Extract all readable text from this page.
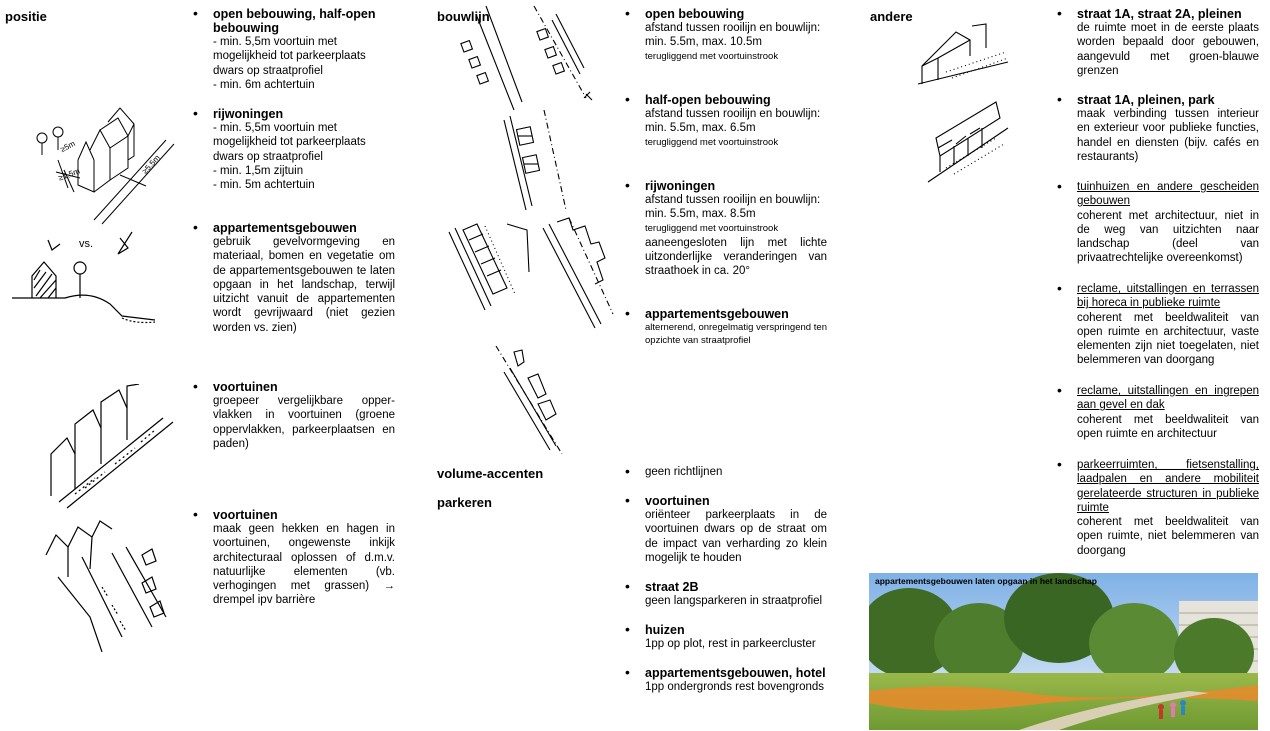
positie	bouwlijn	andere
volume-accenten
parkeren
• open bebouwing, half-open bebouwing
- min. 5,5m voortuin met
mogelijkheid tot parkeerplaats
dwars op straatprofiel
- min. 6m achtertuin
• rijwoningen
- min. 5,5m voortuin met
mogelijkheid tot parkeerplaats
dwars op straatprofiel
- min. 1,5m zijtuin
- min. 5m achtertuin
• appartementsgebouwen
gebruik gevelvormgeving en materiaal, bomen en vegetatie om de appartementsgebouwen te laten opgaan in het landschap, terwijl uitzicht vanuit de appartementen wordt gevrijwaard (niet gezien worden vs. zien)
• voortuinen
groepeer vergelijkbare opper-vlakken in voortuinen (groene oppervlakken, parkeerplaatsen en paden)
• voortuinen
maak geen hekken en hagen in voortuinen, ongewenste inkijk architecturaal oplossen of d.m.v. natuurlijke elementen (vb. verhogingen met grassen) → drempel ipv barrière
• open bebouwing
afstand tussen rooilijn en bouwlijn:
min. 5.5m, max. 10.5m
terugliggend met voortuinstrook
• half-open bebouwing
afstand tussen rooilijn en bouwlijn:
min. 5.5m, max. 6.5m
terugliggend met voortuinstrook
• rijwoningen
afstand tussen rooilijn en bouwlijn:
min. 5.5m, max. 8.5m
terugliggend met voortuinstrook
aaneengesloten lijn met lichte uitzonderlijke veranderingen van straathoek in ca. 20°
• appartementsgebouwen
alternerend, onregelmatig verspringend ten opzichte van straatprofiel
• geen richtlijnen
• voortuinen
oriënteer parkeerplaats in de voortuinen dwars op de straat om de impact van verharding zo klein mogelijk te houden
• straat 2B
geen langsparkeren in straatprofiel
• huizen
1pp op plot, rest in parkeercluster
• appartementsgebouwen, hotel
1pp ondergronds rest bovengronds
• straat 1A, straat 2A, pleinen
de ruimte moet in de eerste plaats worden bepaald door gebouwen, aangevuld met groen-blauwe grenzen
• straat 1A, pleinen, park
maak verbinding tussen interieur en exterieur voor publieke functies, handel en diensten (bijv. cafés en restaurants)
• tuinhuizen en andere gescheiden gebouwen
coherent met architectuur, niet in de weg van uitzichten naar landschap (deel van privaatrechtelijke overeenkomst)
• reclame, uitstallingen en terrassen bij horeca in publieke ruimte
coherent met beeldwaliteit van open ruimte en architectuur, vaste elementen zijn niet toegelaten, niet belemmeren van doorgang
• reclame, uitstallingen en ingrepen aan gevel en dak
coherent met beeldwaliteit van open ruimte en architectuur
• parkeerruimten, fietsenstalling, laadpalen en andere mobiliteit gerelateerde structuren in publieke ruimte
coherent met beeldwaliteit van open ruimte, niet belemmeren van doorgang
≥5m
≥1,5m	≥5,5m
vs.
appartementsgebouwen laten opgaan in het landschap
